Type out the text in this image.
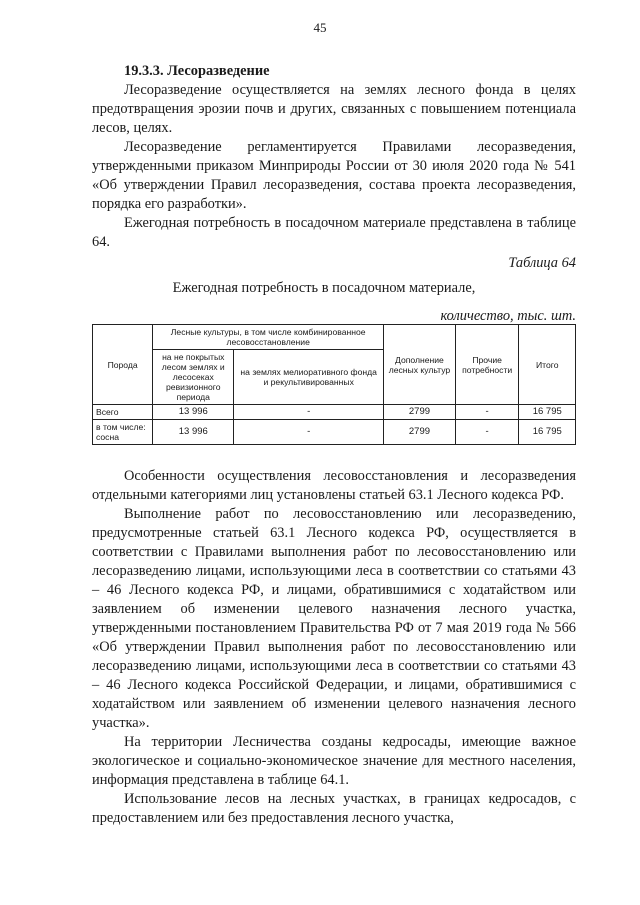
45

19.3.3. Лесоразведение

Лесоразведение осуществляется на землях лесного фонда в целях предотвращения эрозии почв и других, связанных с повышением потенциала лесов, целях.

Лесоразведение регламентируется Правилами лесоразведения, утвержденными приказом Минприроды России от 30 июля 2020 года № 541 «Об утверждении Правил лесоразведения, состава проекта лесоразведения, порядка его разработки».

Ежегодная потребность в посадочном материале представлена в таблице 64.

Таблица 64

Ежегодная потребность в посадочном материале,

количество, тыс. шт.

Порода	Лесные культуры, в том числе комбинированное лесовосстановление		Дополнение лесных культур	Прочие потребности	Итого
	на не покрытых лесом землях и лесосеках ревизионного периода	на землях мелиоративного фонда и рекультивированных			
Всего	13 996	-	2799	-	16 795
в том числе: сосна	13 996	-	2799	-	16 795

Особенности осуществления лесовосстановления и лесоразведения отдельными категориями лиц установлены статьей 63.1 Лесного кодекса РФ.

Выполнение работ по лесовосстановлению или лесоразведению, предусмотренные статьей 63.1 Лесного кодекса РФ, осуществляется в соответствии с Правилами выполнения работ по лесовосстановлению или лесоразведению лицами, использующими леса в соответствии со статьями 43 – 46 Лесного кодекса РФ, и лицами, обратившимися с ходатайством или заявлением об изменении целевого назначения лесного участка, утвержденными постановлением Правительства РФ от 7 мая 2019 года № 566 «Об утверждении Правил выполнения работ по лесовосстановлению или лесоразведению лицами, использующими леса в соответствии со статьями 43 – 46 Лесного кодекса Российской Федерации, и лицами, обратившимися с ходатайством или заявлением об изменении целевого назначения лесного участка».

На территории Лесничества созданы кедросады, имеющие важное экологическое и социально-экономическое значение для местного населения, информация представлена в таблице 64.1.

Использование лесов на лесных участках, в границах кедросадов, с предоставлением или без предоставления лесного участка,
